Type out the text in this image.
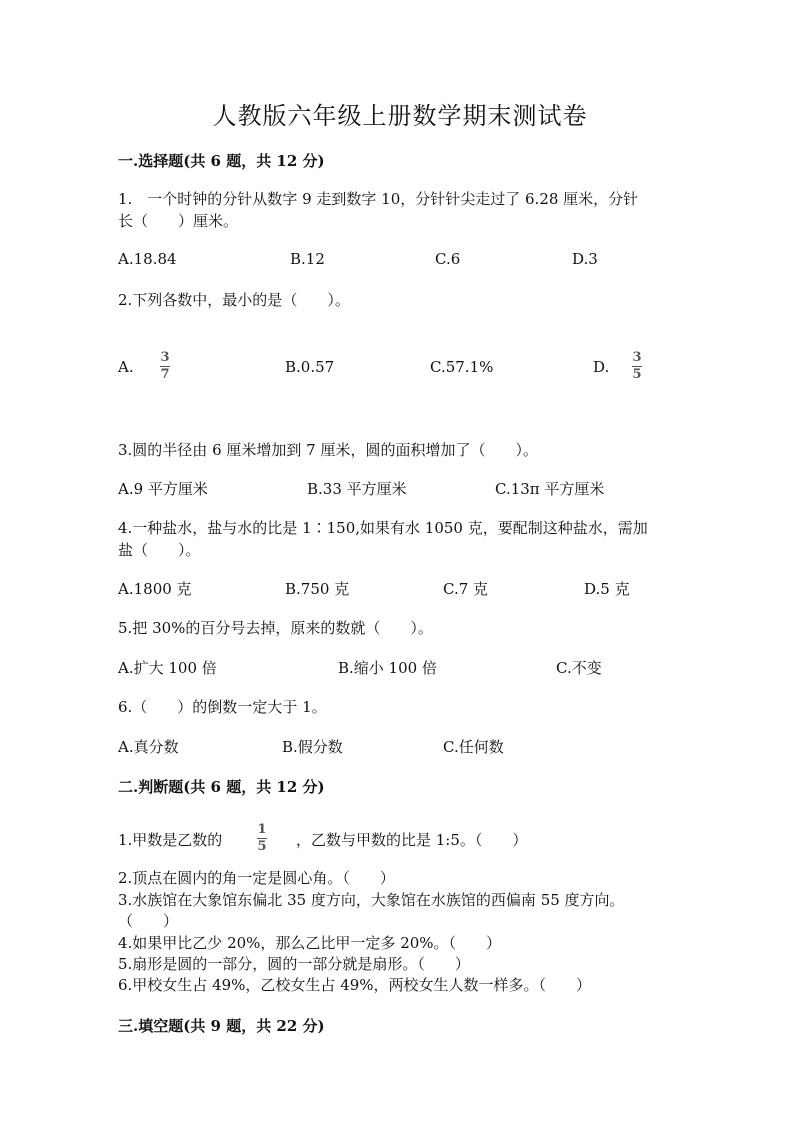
人教版六年级上册数学期末测试卷
一.选择题(共 6 题，共 12 分)
1.　一个时钟的分针从数字 9 走到数字 10，分针针尖走过了 6.28 厘米，分针
长（　　）厘米。
A.18.84	B.12	C.6	D.3
2.下列各数中，最小的是（　　）。
A.
3
7	B.0.57	C.57.1%	D.
3
5
3.圆的半径由 6 厘米增加到 7 厘米，圆的面积增加了（　　）。
A.9 平方厘米	B.33 平方厘米	C.13π 平方厘米
4.一种盐水，盐与水的比是 1∶150,如果有水 1050 克，要配制这种盐水，需加
盐（　　）。
A.1800 克	B.750 克	C.7 克	D.5 克
5.把 30%的百分号去掉，原来的数就（　　）。
A.扩大 100 倍	B.缩小 100 倍	C.不变
6.（　　）的倒数一定大于 1。
A.真分数	B.假分数	C.任何数
二.判断题(共 6 题，共 12 分)
1.甲数是乙数的
1
5 ，乙数与甲数的比是 1:5。（　　）
2.顶点在圆内的角一定是圆心角。（　　）
3.水族馆在大象馆东偏北 35 度方向，大象馆在水族馆的西偏南 55 度方向。
（　　）
4.如果甲比乙少 20%，那么乙比甲一定多 20%。（　　）
5.扇形是圆的一部分，圆的一部分就是扇形。（　　）
6.甲校女生占 49%，乙校女生占 49%，两校女生人数一样多。（　　）
三.填空题(共 9 题，共 22 分)
